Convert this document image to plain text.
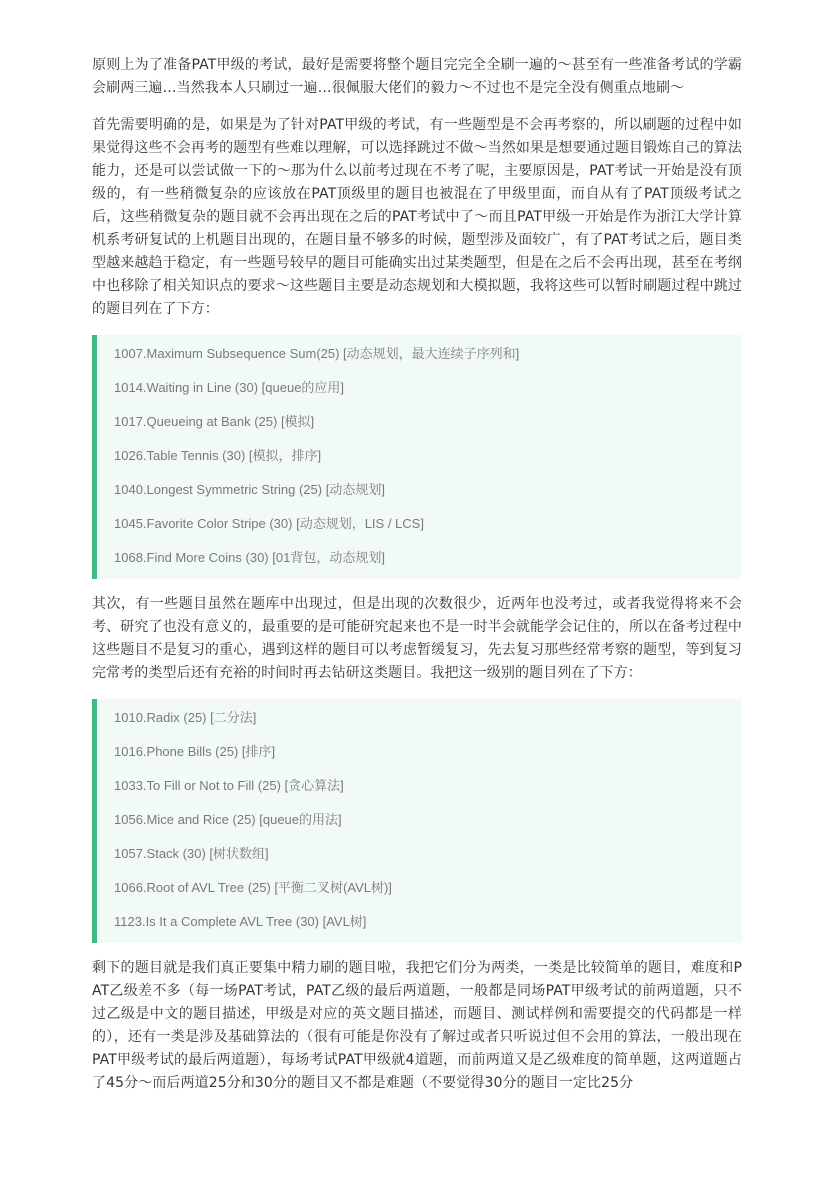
原则上为了准备PAT甲级的考试，最好是需要将整个题目完完全全刷一遍的～甚至有一些准备考试的学霸会刷两三遍…当然我本人只刷过一遍…很佩服大佬们的毅力～不过也不是完全没有侧重点地刷～

首先需要明确的是，如果是为了针对PAT甲级的考试，有一些题型是不会再考察的，所以刷题的过程中如果觉得这些不会再考的题型有些难以理解，可以选择跳过不做～当然如果是想要通过题目锻炼自己的算法能力，还是可以尝试做一下的～那为什么以前考过现在不考了呢，主要原因是，PAT考试一开始是没有顶级的，有一些稍微复杂的应该放在PAT顶级里的题目也被混在了甲级里面，而自从有了PAT顶级考试之后，这些稍微复杂的题目就不会再出现在之后的PAT考试中了～而且PAT甲级一开始是作为浙江大学计算机系考研复试的上机题目出现的，在题目量不够多的时候，题型涉及面较广，有了PAT考试之后，题目类型越来越趋于稳定，有一些题号较早的题目可能确实出过某类题型，但是在之后不会再出现，甚至在考纲中也移除了相关知识点的要求～这些题目主要是动态规划和大模拟题，我将这些可以暂时刷题过程中跳过的题目列在了下方：

1007.Maximum Subsequence Sum(25) [动态规划，最大连续子序列和]
1014.Waiting in Line (30) [queue的应用]
1017.Queueing at Bank (25) [模拟]
1026.Table Tennis (30) [模拟，排序]
1040.Longest Symmetric String (25) [动态规划]
1045.Favorite Color Stripe (30) [动态规划，LIS / LCS]
1068.Find More Coins (30) [01背包，动态规划]

其次，有一些题目虽然在题库中出现过，但是出现的次数很少，近两年也没考过，或者我觉得将来不会考、研究了也没有意义的，最重要的是可能研究起来也不是一时半会就能学会记住的，所以在备考过程中这些题目不是复习的重心，遇到这样的题目可以考虑暂缓复习，先去复习那些经常考察的题型，等到复习完常考的类型后还有充裕的时间时再去钻研这类题目。我把这一级别的题目列在了下方：

1010.Radix (25) [二分法]
1016.Phone Bills (25) [排序]
1033.To Fill or Not to Fill (25) [贪心算法]
1056.Mice and Rice (25) [queue的用法]
1057.Stack (30) [树状数组]
1066.Root of AVL Tree (25) [平衡二叉树(AVL树)]
1123.Is It a Complete AVL Tree (30) [AVL树]

剩下的题目就是我们真正要集中精力刷的题目啦，我把它们分为两类，一类是比较简单的题目，难度和PAT乙级差不多（每一场PAT考试，PAT乙级的最后两道题，一般都是同场PAT甲级考试的前两道题，只不过乙级是中文的题目描述，甲级是对应的英文题目描述，而题目、测试样例和需要提交的代码都是一样的），还有一类是涉及基础算法的（很有可能是你没有了解过或者只听说过但不会用的算法，一般出现在PAT甲级考试的最后两道题），每场考试PAT甲级就4道题，而前两道又是乙级难度的简单题，这两道题占了45分～而后两道25分和30分的题目又不都是难题（不要觉得30分的题目一定比25分
